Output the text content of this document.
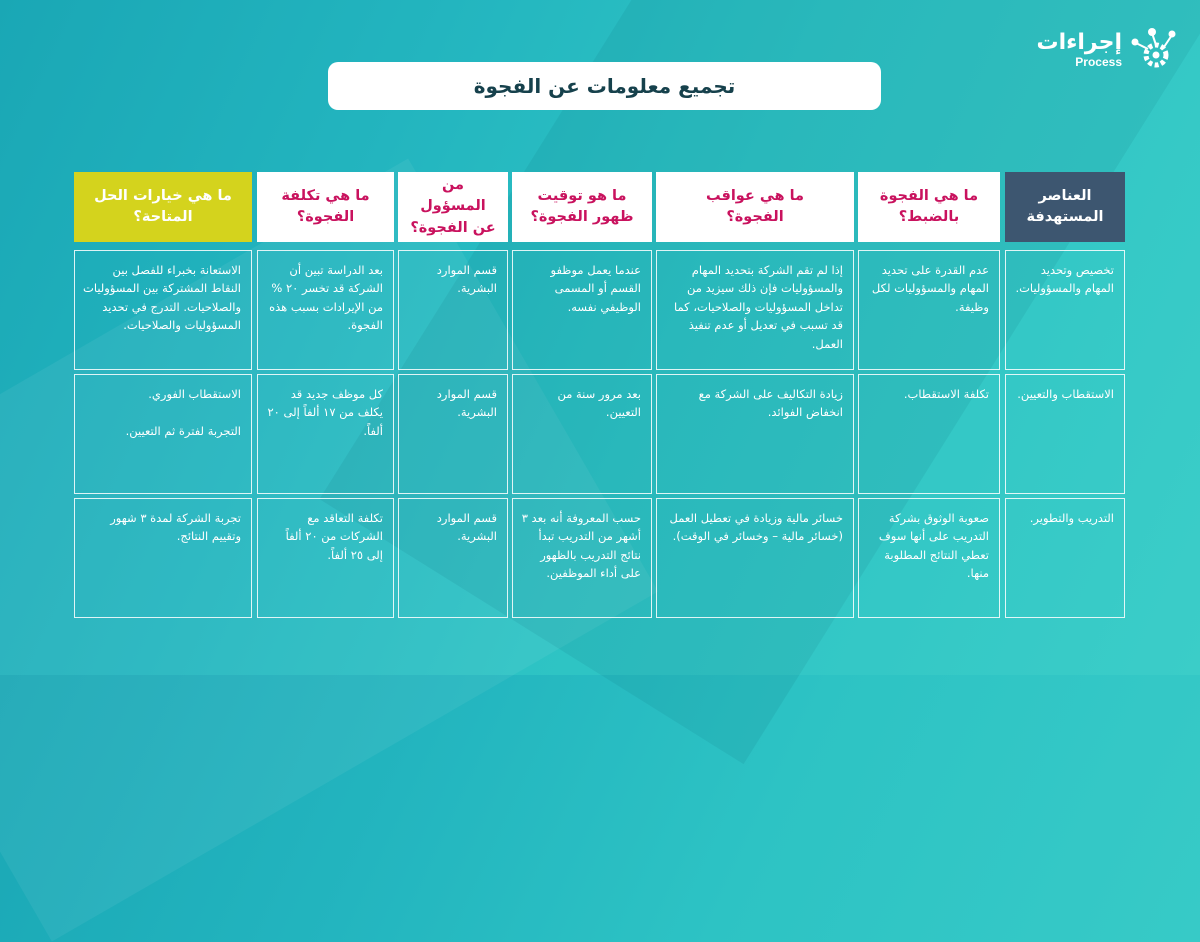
إجراءات
Process
تجميع معلومات عن الفجوة
العناصر
المستهدفة
تخصيص وتحديد المهام والمسؤوليات.
الاستقطاب والتعيين.
التدريب والتطوير.
ما هي الفجوة
بالضبط؟
عدم القدرة على تحديد المهام والمسؤوليات لكل وظيفة.
تكلفة الاستقطاب.
صعوبة الوثوق بشركة التدريب على أنها سوف تعطي النتائج المطلوبة منها.
ما هي عواقب
الفجوة؟
إذا لم تقم الشركة بتحديد المهام والمسؤوليات فإن ذلك سيزيد من تداخل المسؤوليات والصلاحيات، كما قد تسبب في تعديل أو عدم تنفيذ العمل.
زيادة التكاليف على الشركة مع انخفاض الفوائد.
خسائر مالية وزيادة في تعطيل العمل (خسائر مالية – وخسائر في الوقت).
ما هو توقيت
ظهور الفجوة؟
عندما يعمل موظفو القسم أو المسمى الوظيفي نفسه.
بعد مرور سنة من التعيين.
حسب المعروفة أنه بعد ٣ أشهر من التدريب تبدأ نتائج التدريب بالظهور على أداء الموظفين.
من المسؤول
عن الفجوة؟
قسم الموارد البشرية.
قسم الموارد البشرية.
قسم الموارد البشرية.
ما هي تكلفة
الفجوة؟
بعد الدراسة تبين أن الشركة قد تخسر ٢٠ % من الإيرادات بسبب هذه الفجوة.
كل موظف جديد قد يكلف من ١٧ ألفاً إلى ٢٠ ألفاً.
تكلفة التعاقد مع الشركات من ٢٠ ألفاً إلى ٢٥ ألفاً.
ما هي خيارات الحل
المتاحة؟
الاستعانة بخبراء للفصل بين النقاط المشتركة بين المسؤوليات والصلاحيات. التدرج في تحديد المسؤوليات والصلاحيات.
الاستقطاب الفوري.

التجربة لفترة ثم التعيين.
تجربة الشركة لمدة ٣ شهور وتقييم النتائج.
